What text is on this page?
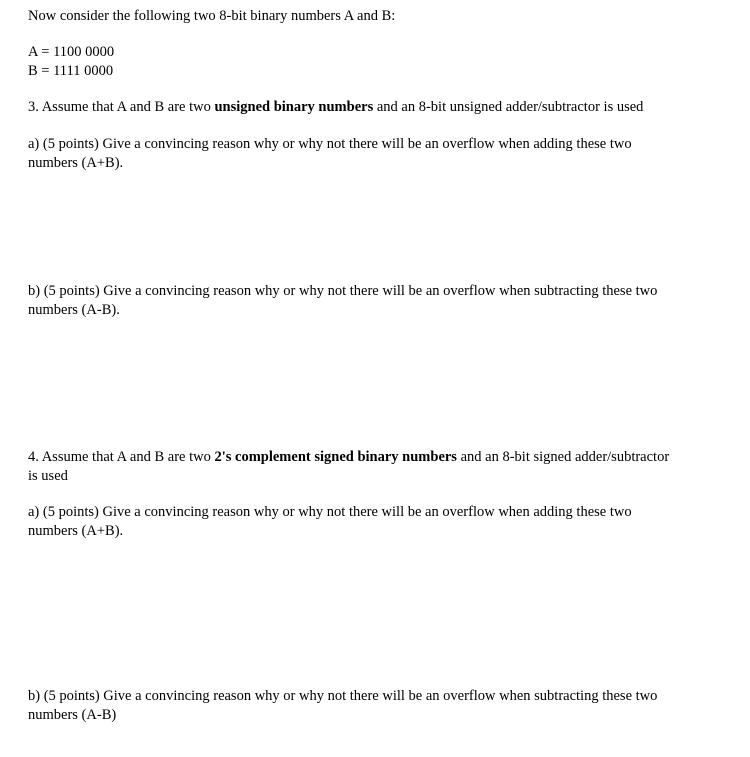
Now consider the following two 8-bit binary numbers A and B:
A = 1100 0000
B = 1111 0000
3. Assume that A and B are two unsigned binary numbers and an 8-bit unsigned adder/subtractor is used
a) (5 points) Give a convincing reason why or why not there will be an overflow when adding these two
numbers (A+B).
b) (5 points) Give a convincing reason why or why not there will be an overflow when subtracting these two
numbers (A-B).
4. Assume that A and B are two 2's complement signed binary numbers and an 8-bit signed adder/subtractor
is used
a) (5 points) Give a convincing reason why or why not there will be an overflow when adding these two
numbers (A+B).
b) (5 points) Give a convincing reason why or why not there will be an overflow when subtracting these two
numbers (A-B)
